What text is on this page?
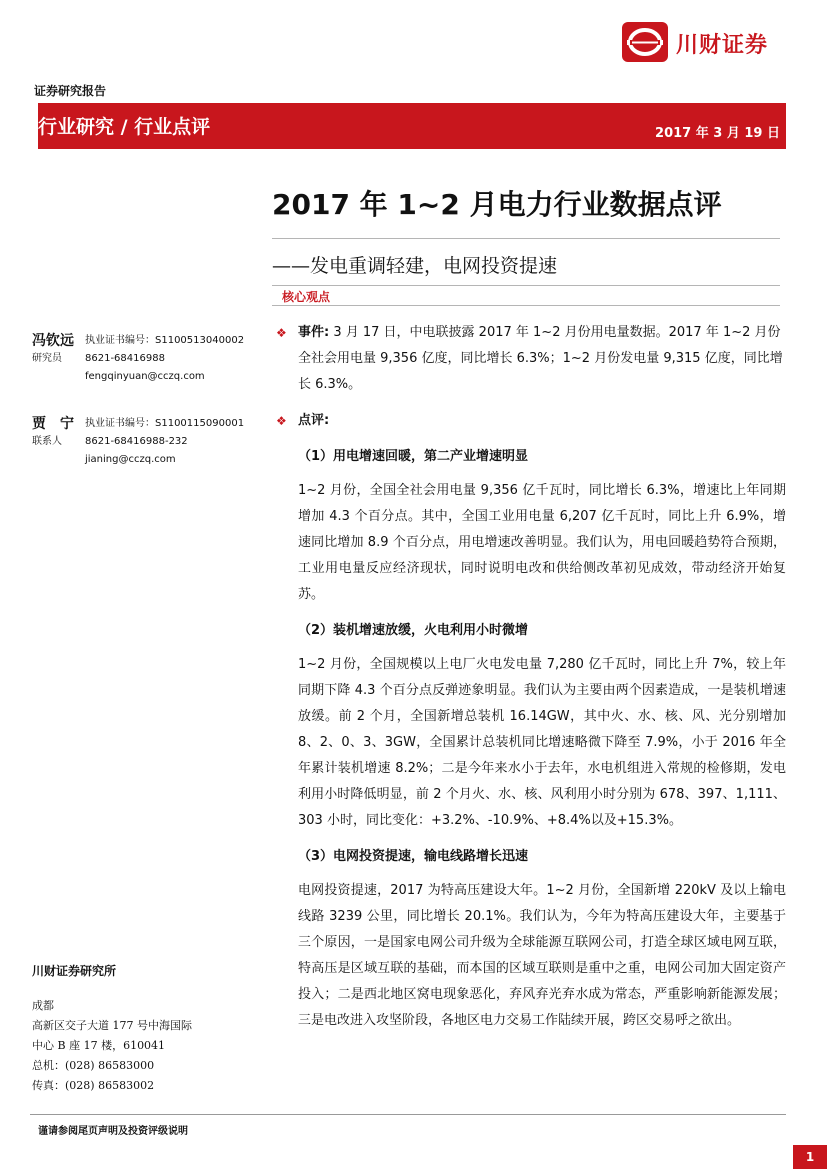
川财证券
证券研究报告
行业研究 / 行业点评	2017 年 3 月 19 日
2017 年 1~2 月电力行业数据点评
——发电重调轻建，电网投资提速
核心观点
冯钦远	执业证书编号： S1100513040002
研究员	8621-68416988
fengqinyuan@cczq.com
贾　宁	执业证书编号： S1100115090001
联系人	8621-68416988-232
jianing@cczq.com
川财证券研究所
成都
高新区交子大道 177 号中海国际
中心 B 座 17 楼，610041
总机：(028) 86583000
传真：(028) 86583002
❖ 事件: 3 月 17 日，中电联披露 2017 年 1~2 月份用电量数据。2017 年 1~2 月份全社会用电量 9,356 亿度，同比增长 6.3%；1~2 月份发电量 9,315 亿度，同比增长 6.3%。
❖ 点评:
（1）用电增速回暖，第二产业增速明显
1~2 月份，全国全社会用电量 9,356 亿千瓦时，同比增长 6.3%，增速比上年同期增加 4.3 个百分点。其中，全国工业用电量 6,207 亿千瓦时，同比上升 6.9%，增速同比增加 8.9 个百分点，用电增速改善明显。我们认为，用电回暖趋势符合预期，工业用电量反应经济现状，同时说明电改和供给侧改革初见成效，带动经济开始复苏。
（2）装机增速放缓，火电利用小时微增
1~2 月份，全国规模以上电厂火电发电量 7,280 亿千瓦时，同比上升 7%，较上年同期下降 4.3 个百分点反弹迹象明显。我们认为主要由两个因素造成，一是装机增速放缓。前 2 个月，全国新增总装机 16.14GW，其中火、水、核、风、光分别增加 8、2、0、3、3GW，全国累计总装机同比增速略微下降至 7.9%，小于 2016 年全年累计装机增速 8.2%；二是今年来水小于去年，水电机组进入常规的检修期，发电利用小时降低明显，前 2 个月火、水、核、风利用小时分别为 678、397、1,111、303 小时，同比变化：+3.2%、-10.9%、+8.4%以及+15.3%。
（3）电网投资提速，输电线路增长迅速
电网投资提速，2017 为特高压建设大年。1~2 月份，全国新增 220kV 及以上输电线路 3239 公里，同比增长 20.1%。我们认为，今年为特高压建设大年，主要基于三个原因，一是国家电网公司升级为全球能源互联网公司，打造全球区域电网互联，特高压是区域互联的基础，而本国的区域互联则是重中之重，电网公司加大固定资产投入；二是西北地区窝电现象恶化，弃风弃光弃水成为常态，严重影响新能源发展；三是电改进入攻坚阶段，各地区电力交易工作陆续开展，跨区交易呼之欲出。
谨请参阅尾页声明及投资评级说明
1
